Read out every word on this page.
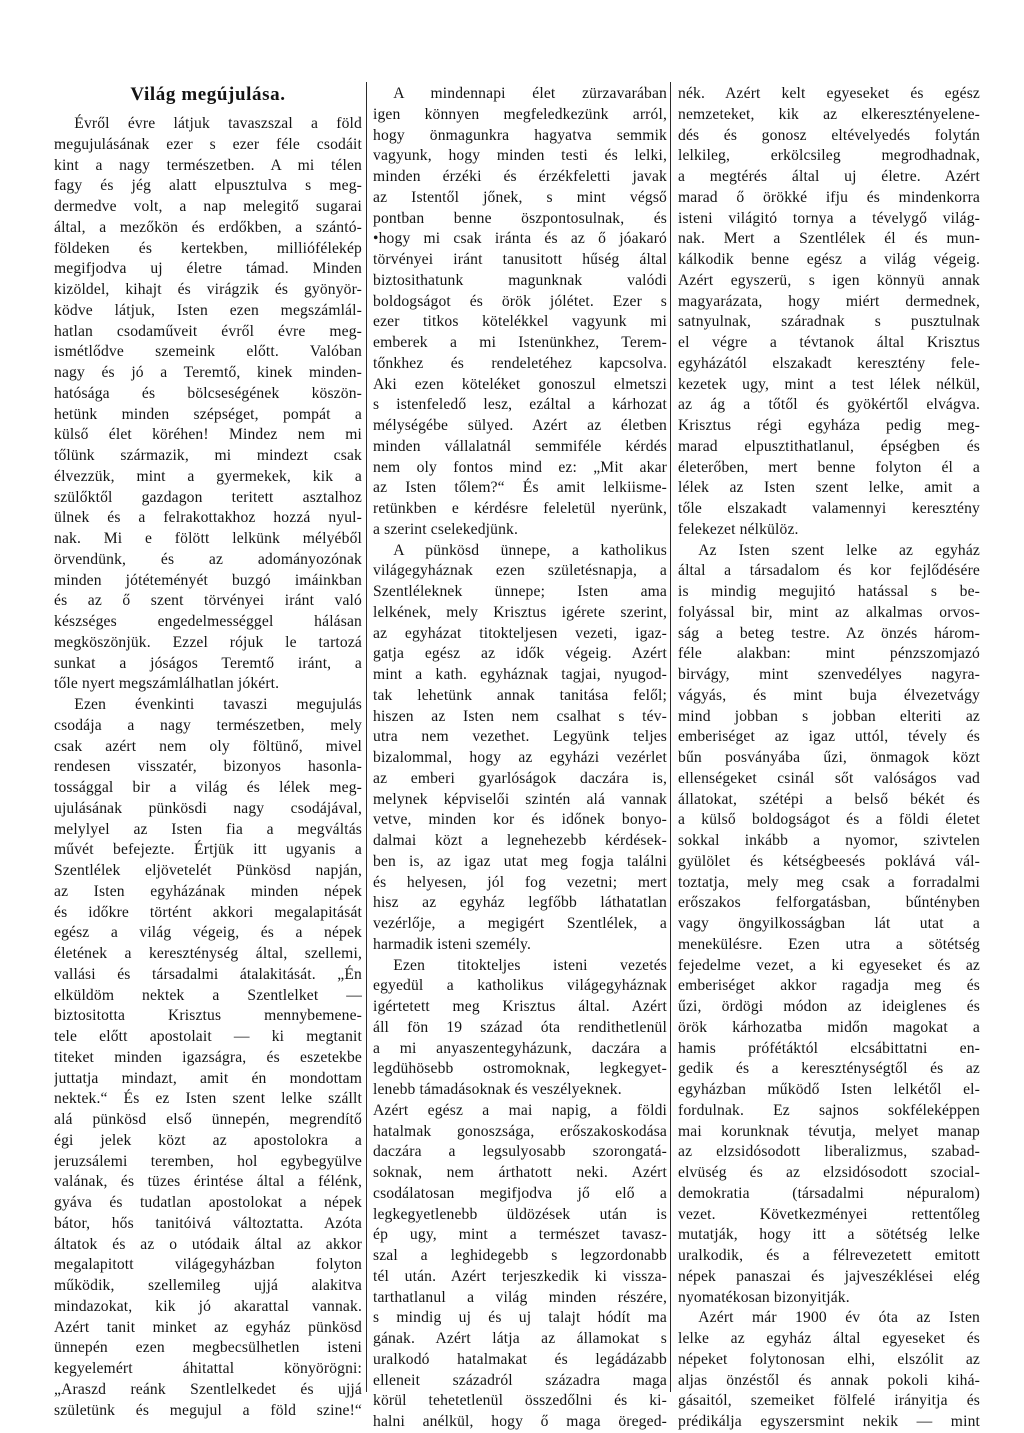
Világ megújulása.
Évről évre látjuk tavaszszal a föld
megujulásának ezer s ezer féle csodáit
kint a nagy természetben. A mi télen
fagy és jég alatt elpusztulva s meg-
dermedve volt, a nap melegitő sugarai
által, a mezőkön és erdőkben, a szántó-
földeken és kertekben, milliófélekép
megifjodva uj életre támad. Minden
kizöldel, kihajt és virágzik és gyönyör-
ködve látjuk, Isten ezen megszámlál-
hatlan csodaműveit évről évre meg-
ismétlődve szemeink előtt. Valóban
nagy és jó a Teremtő, kinek minden-
hatósága és bölcseségének köszön-
hetünk minden szépséget, pompát a
külső élet köréhen! Mindez nem mi
tőlünk származik, mi mindezt csak
élvezzük, mint a gyermekek, kik a
szülőktől gazdagon teritett asztalhoz
ülnek és a felrakottakhoz hozzá nyul-
nak. Mi e fölött lelkünk mélyéből
örvendünk, és az adományozónak
minden jótéteményét buzgó imáinkban
és az ő szent törvényei iránt való
készséges engedelmességgel hálásan
megköszönjük. Ezzel rójuk le tartozá
sunkat a jóságos Teremtő iránt, a
tőle nyert megszámlálhatlan jókért.
Ezen évenkinti tavaszi megujulás
csodája a nagy természetben, mely
csak azért nem oly föltünő, mivel
rendesen visszatér, bizonyos hasonla-
tossággal bir a világ és lélek meg-
ujulásának pünkösdi nagy csodájával,
melylyel az Isten fia a megváltás
művét befejezte. Értjük itt ugyanis a
Szentlélek eljövetelét Pünkösd napján,
az Isten egyházának minden népek
és időkre történt akkori megalapitását
egész a világ végeig, és a népek
életének a kereszténység által, szellemi,
vallási és társadalmi átalakitását. „Én
elküldöm nektek a Szentlelket —
biztositotta Krisztus mennybemene-
tele előtt apostolait — ki megtanit
titeket minden igazságra, és eszetekbe
juttatja mindazt, amit én mondottam
nektek.“ És ez Isten szent lelke szállt
alá pünkösd első ünnepén, megrendítő
égi jelek közt az apostolokra a
jeruzsálemi teremben, hol egybegyülve
valának, és tüzes érintése által a félénk,
gyáva és tudatlan apostolokat a népek
bátor, hős tanitóivá változtatta. Azóta
áltatok és az o utódaik által az akkor
megalapitott világegyházban folyton
működik, szellemileg ujjá alakitva
mindazokat, kik jó akarattal vannak.
Azért tanit minket az egyház pünkösd
ünnepén ezen megbecsülhetlen isteni
kegyelemért áhitattal könyörögni:
„Araszd reánk Szentlelkedet és ujjá
születünk és megujul a föld szine!“
A mindennapi élet zürzavarában
igen könnyen megfeledkezünk arról,
hogy önmagunkra hagyatva semmik
vagyunk, hogy minden testi és lelki,
minden érzéki és érzékfeletti javak
az Istentől jőnek, s mint végső
pontban benne öszpontosulnak, és
•hogy mi csak iránta és az ő jóakaró
törvényei iránt tanusitott hűség által
biztosithatunk magunknak valódi
boldogságot és örök jólétet. Ezer s
ezer titkos kötelékkel vagyunk mi
emberek a mi Istenünkhez, Terem-
tőnkhez és rendeletéhez kapcsolva.
Aki ezen köteléket gonoszul elmetszi
s istenfeledő lesz, ezáltal a kárhozat
mélységébe sülyed. Azért az életben
minden vállalatnál semmiféle kérdés
nem oly fontos mind ez: „Mit akar
az Isten tőlem?“ És amit lelkiisme-
retünkben e kérdésre feleletül nyerünk,
a szerint cselekedjünk.
A pünkösd ünnepe, a katholikus
világegyháznak ezen születésnapja, a
Szentléleknek ünnepe; Isten ama
lelkének, mely Krisztus igérete szerint,
az egyházat titokteljesen vezeti, igaz-
gatja egész az idők végeig. Azért
mint a kath. egyháznak tagjai, nyugod-
tak lehetünk annak tanitása felől;
hiszen az Isten nem csalhat s tév-
utra nem vezethet. Legyünk teljes
bizalommal, hogy az egyházi vezérlet
az emberi gyarlóságok daczára is,
melynek képviselői szintén alá vannak
vetve, minden kor és időnek bonyo-
dalmai közt a legnehezebb kérdések-
ben is, az igaz utat meg fogja találni
és helyesen, jól fog vezetni; mert
hisz az egyház legfőbb láthatatlan
vezérlője, a megigért Szentlélek, a
harmadik isteni személy.
Ezen titokteljes isteni vezetés
egyedül a katholikus világegyháznak
igértetett meg Krisztus által. Azért
áll fön 19 század óta rendithetlenül
a mi anyaszentegyházunk, daczára a
legdühösebb ostromoknak, legkegyet-
lenebb támadásoknak és veszélyeknek.
Azért egész a mai napig, a földi
hatalmak gonoszsága, erőszakoskodása
daczára a legsulyosabb szorongatá-
soknak, nem árthatott neki. Azért
csodálatosan megifjodva jő elő a
legkegyetlenebb üldözések után is
ép ugy, mint a természet tavasz-
szal a leghidegebb s legzordonabb
tél után. Azért terjeszkedik ki vissza-
tarthatlanul a világ minden részére,
s mindig uj és uj talajt hódít ma
gának. Azért látja az államokat s
uralkodó hatalmakat és legádázabb
elleneit századról századra maga
körül tehetetlenül összedőlni és ki-
halni anélkül, hogy ő maga öreged-
nék. Azért kelt egyeseket és egész
nemzeteket, kik az elkeresztényelene-
dés és gonosz eltévelyedés folytán
lelkileg, erkölcsileg megrodhadnak,
a megtérés által uj életre. Azért
marad ő örökké ifju és mindenkorra
isteni világitó tornya a tévelygő világ-
nak. Mert a Szentlélek él és mun-
kálkodik benne egész a világ végeig.
Azért egyszerü, s igen könnyü annak
magyarázata, hogy miért dermednek,
satnyulnak, száradnak s pusztulnak
el végre a tévtanok által Krisztus
egyházától elszakadt keresztény fele-
kezetek ugy, mint a test lélek nélkül,
az ág a tőtől és gyökértől elvágva.
Krisztus régi egyháza pedig meg-
marad elpusztithatlanul, épségben és
életerőben, mert benne folyton él a
lélek az Isten szent lelke, amit a
tőle elszakadt valamennyi keresztény
felekezet nélkülöz.
Az Isten szent lelke az egyház
által a társadalom és kor fejlődésére
is mindig megujitó hatással s be-
folyással bir, mint az alkalmas orvos-
ság a beteg testre. Az önzés három-
féle alakban: mint pénzszomjazó
birvágy, mint szenvedélyes nagyra-
vágyás, és mint buja élvezetvágy
mind jobban s jobban elteriti az
emberiséget az igaz uttól, tévely és
bűn posványába űzi, önmagok közt
ellenségeket csinál sőt valóságos vad
állatokat, szétépi a belső békét és
a külső boldogságot és a földi életet
sokkal inkább a nyomor, szivtelen
gyülölet és kétségbeesés poklává vál-
toztatja, mely meg csak a forradalmi
erőszakos felforgatásban, bűntényben
vagy öngyilkosságban lát utat a
menekülésre. Ezen utra a sötétség
fejedelme vezet, a ki egyeseket és az
emberiséget akkor ragadja meg és
űzi, ördögi módon az ideiglenes és
örök kárhozatba midőn magokat a
hamis prófétáktól elcsábittatni en-
gedik és a kereszténységtől és az
egyházban működő Isten lelkétől el-
fordulnak. Ez sajnos sokféleképpen
mai korunknak tévutja, melyet manap
az elzsidósodott liberalizmus, szabad-
elvüség és az elzsidósodott szocial-
demokratia (társadalmi népuralom)
vezet. Következményei rettentőleg
mutatják, hogy itt a sötétség lelke
uralkodik, és a félrevezetett emitott
népek panaszai és jajveszéklései elég
nyomatékosan bizonyitják.
Azért már 1900 év óta az Isten
lelke az egyház által egyeseket és
népeket folytonosan elhi, elszólit az
aljas önzéstől és annak pokoli kihá-
gásaitól, szemeiket fölfelé irányitja és
prédikálja egyszersmint nekik — mint
